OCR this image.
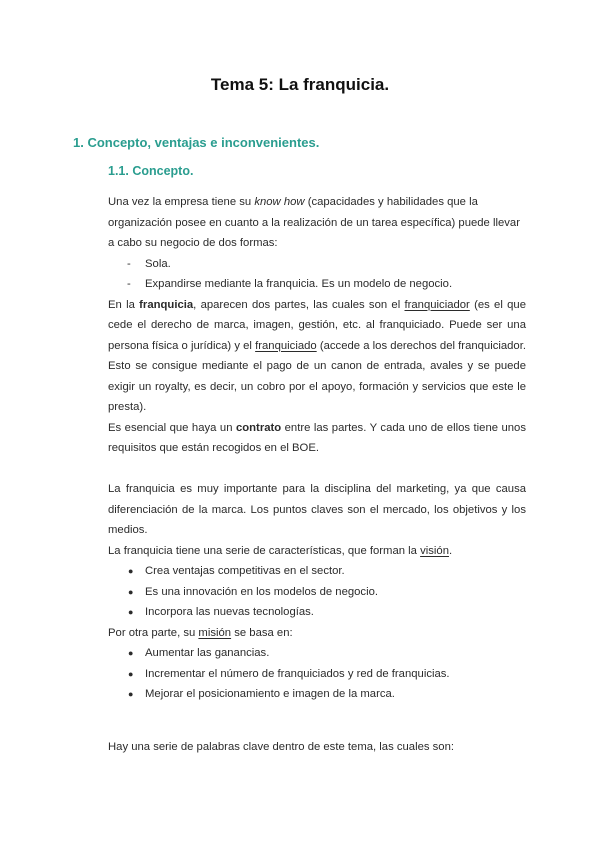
Tema 5: La franquicia.
1. Concepto, ventajas e inconvenientes.
1.1. Concepto.

Una vez la empresa tiene su know how (capacidades y habilidades que la organización posee en cuanto a la realización de un tarea específica) puede llevar a cabo su negocio de dos formas:

- Sola.
- Expandirse mediante la franquicia. Es un modelo de negocio.

En la franquicia, aparecen dos partes, las cuales son el franquiciador (es el que cede el derecho de marca, imagen, gestión, etc. al franquiciado. Puede ser una persona física o jurídica) y el franquiciado (accede a los derechos del franquiciador. Esto se consigue mediante el pago de un canon de entrada, avales y se puede exigir un royalty, es decir, un cobro por el apoyo, formación y servicios que este le presta).

Es esencial que haya un contrato entre las partes. Y cada uno de ellos tiene unos requisitos que están recogidos en el BOE.

La franquicia es muy importante para la disciplina del marketing, ya que causa diferenciación de la marca. Los puntos claves son el mercado, los objetivos y los medios.

La franquicia tiene una serie de características, que forman la visión.

● Crea ventajas competitivas en el sector.
● Es una innovación en los modelos de negocio.
● Incorpora las nuevas tecnologías.

Por otra parte, su misión se basa en:

● Aumentar las ganancias.
● Incrementar el número de franquiciados y red de franquicias.
● Mejorar el posicionamiento e imagen de la marca.

Hay una serie de palabras clave dentro de este tema, las cuales son:
